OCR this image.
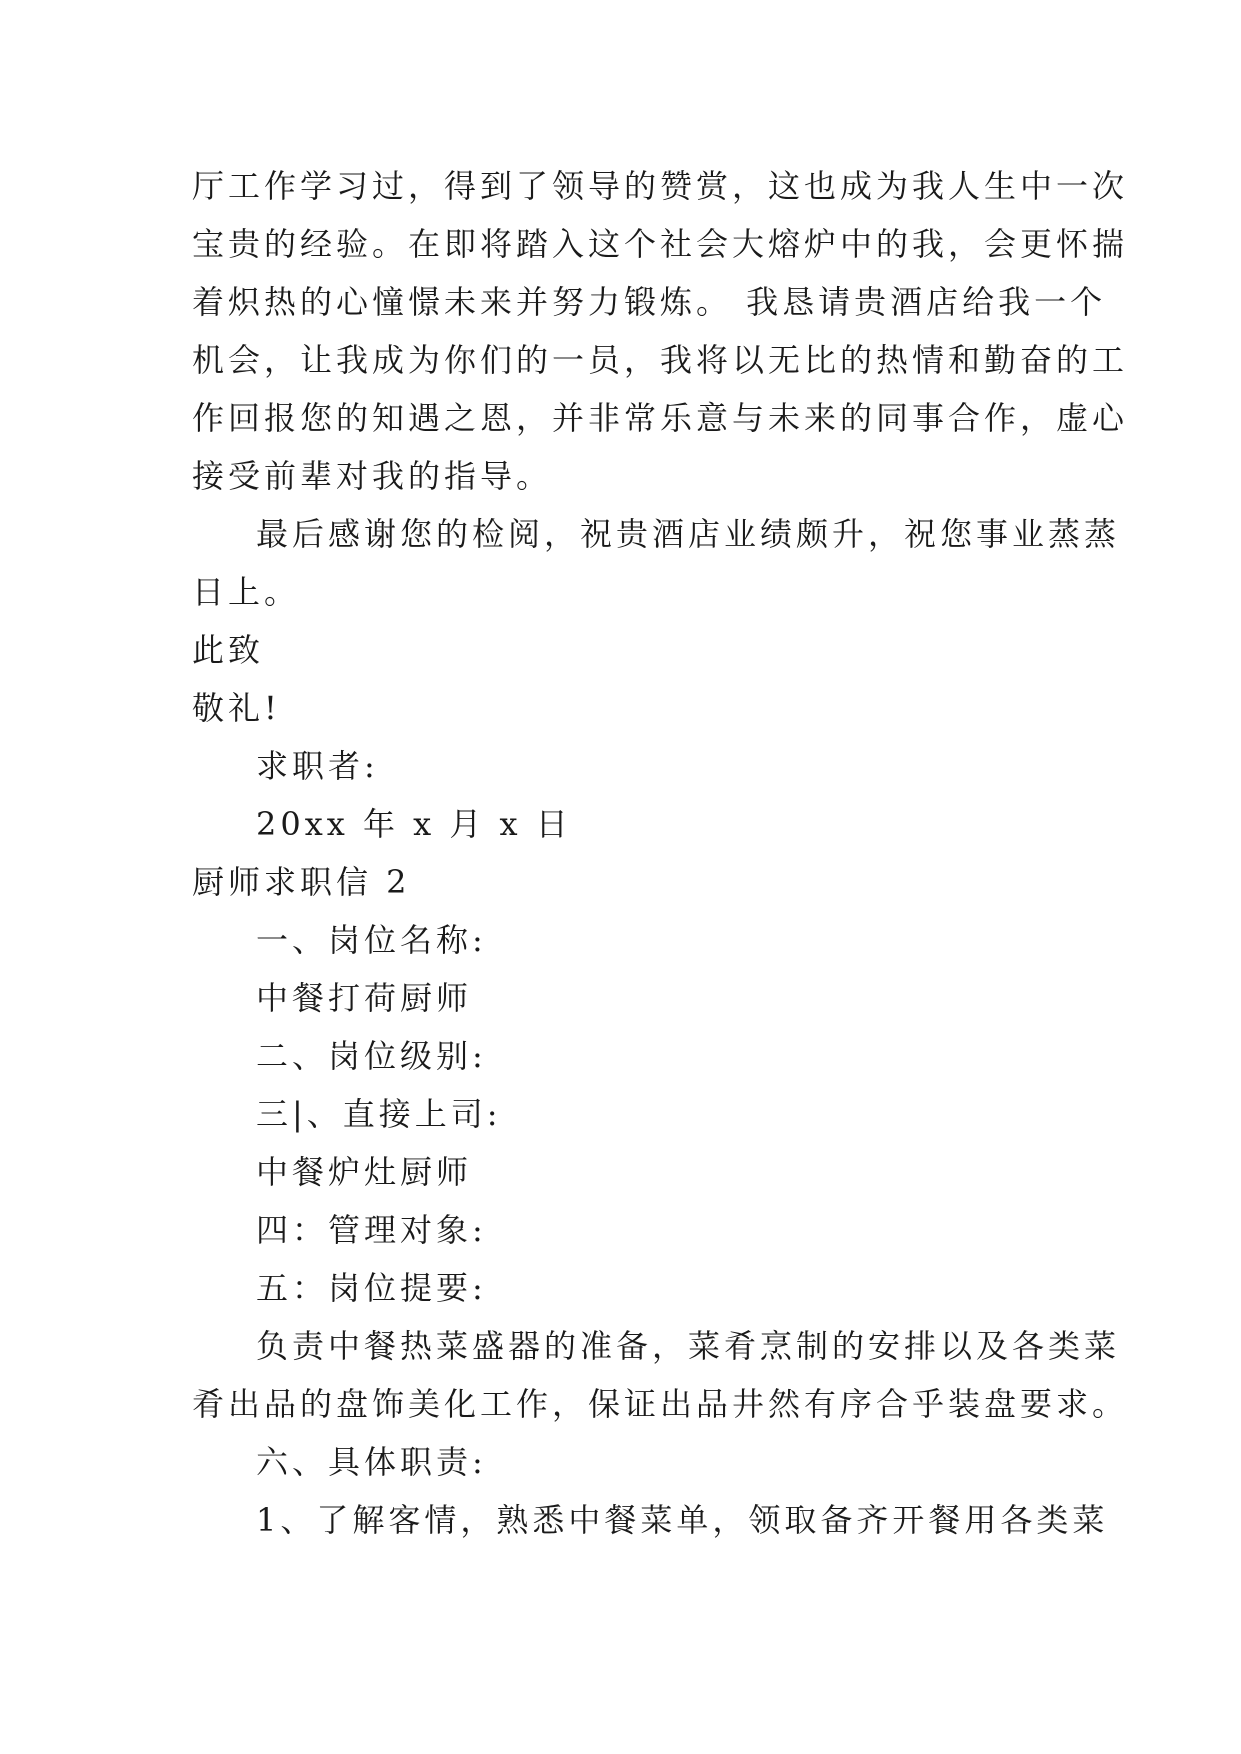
厅工作学习过，得到了领导的赞赏，这也成为我人生中一次
宝贵的经验。在即将踏入这个社会大熔炉中的我，会更怀揣
着炽热的心憧憬未来并努力锻炼。 我恳请贵酒店给我一个
机会，让我成为你们的一员，我将以无比的热情和勤奋的工
作回报您的知遇之恩，并非常乐意与未来的同事合作，虚心
接受前辈对我的指导。
最后感谢您的检阅，祝贵酒店业绩颇升，祝您事业蒸蒸
日上。
此致
敬礼!
求职者:
20xx 年 x 月 x 日
厨师求职信 2
一、岗位名称:
中餐打荷厨师
二、岗位级别:
三|、直接上司:
中餐炉灶厨师
四：管理对象:
五：岗位提要:
负责中餐热菜盛器的准备，菜肴烹制的安排以及各类菜
肴出品的盘饰美化工作，保证出品井然有序合乎装盘要求。
六、具体职责:
1、了解客情，熟悉中餐菜单，领取备齐开餐用各类菜
